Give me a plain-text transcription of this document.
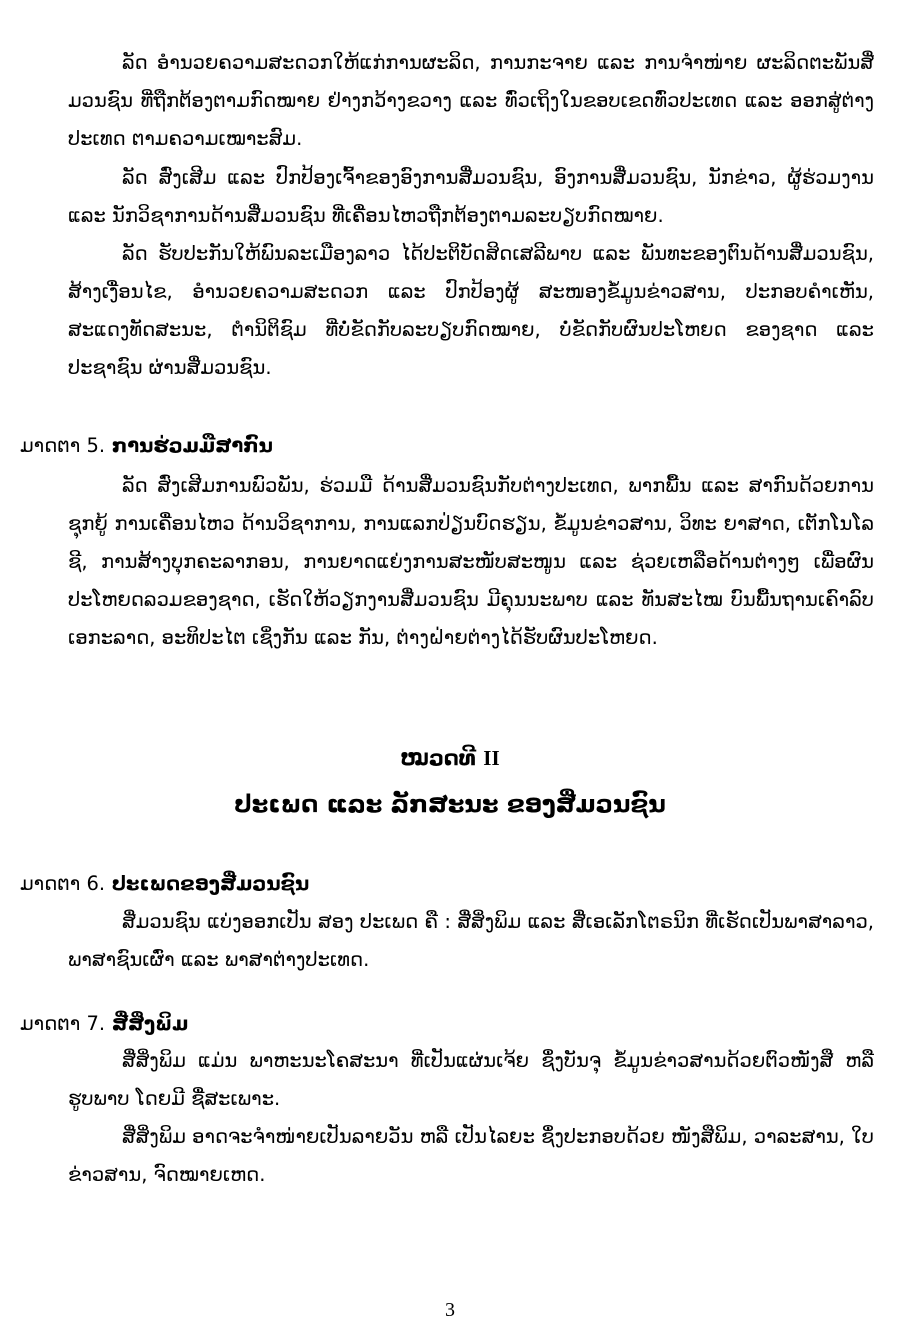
ລັດ ອຳນວຍຄວາມສະດວກໃຫ້ແກ່ການຜະລິດ, ການກະຈາຍ ແລະ ການຈຳໜ່າຍ ຜະລິດຕະພັນສື່ມວນຊົນ ທີ່ຖືກຕ້ອງຕາມກົດໝາຍ ຢ່າງກວ້າງຂວາງ ແລະ ທົ່ວເຖິງໃນຂອບເຂດທົ່ວປະເທດ ແລະ ອອກສູ່ຕ່າງປະເທດ ຕາມຄວາມເໝາະສົມ.

ລັດ ສົ່ງເສີມ ແລະ ປົກປ້ອງເຈົ້າຂອງອົງການສື່ມວນຊົນ, ອົງການສື່ມວນຊົນ, ນັກຂ່າວ, ຜູ້ຮ່ວມງານ ແລະ ນັກວິຊາການດ້ານສື່ມວນຊົນ ທີ່ເຄື່ອນໄຫວຖືກຕ້ອງຕາມລະບຽບກົດໝາຍ.

ລັດ ຮັບປະກັນໃຫ້ພົນລະເມືອງລາວ ໄດ້ປະຕິບັດສິດເສລີພາບ ແລະ ພັນທະຂອງຕົນດ້ານສື່ມວນຊົນ, ສ້າງເງື່ອນໄຂ, ອຳນວຍຄວາມສະດວກ ແລະ ປົກປ້ອງຜູ້ ສະໜອງຂໍ້ມູນຂ່າວສານ, ປະກອບຄຳເຫັນ, ສະແດງທັດສະນະ, ຕຳນິຕິຊົມ ທີ່ບໍ່ຂັດກັບລະບຽບກົດໝາຍ, ບໍ່ຂັດກັບຜົນປະໂຫຍດ ຂອງຊາດ ແລະ ປະຊາຊົນ ຜ່ານສື່ມວນຊົນ.

ມາດຕາ 5. ການຮ່ວມມືສາກົນ

ລັດ ສົ່ງເສີມການພົວພັນ, ຮ່ວມມື ດ້ານສື່ມວນຊົນກັບຕ່າງປະເທດ, ພາກພື້ນ ແລະ ສາກົນດ້ວຍການຊຸກຍູ້ ການເຄື່ອນໄຫວ ດ້ານວິຊາການ, ການແລກປ່ຽນບົດຮຽນ, ຂໍ້ມູນຂ່າວສານ, ວິທະ ຍາສາດ, ເຕັກໂນໂລຊີ, ການສ້າງບຸກຄະລາກອນ, ການຍາດແຍ່ງການສະໜັບສະໜູນ ແລະ ຊ່ວຍເຫລືອດ້ານຕ່າງໆ ເພື່ອຜົນປະໂຫຍດລວມຂອງຊາດ, ເຮັດໃຫ້ວຽກງານສື່ມວນຊົນ ມີຄຸນນະພາບ ແລະ ທັນສະໄໝ ບົນພື້ນຖານເຄົາລົບເອກະລາດ, ອະທິປະໄຕ ເຊິ່ງກັນ ແລະ ກັນ, ຕ່າງຝ່າຍຕ່າງໄດ້ຮັບຜົນປະໂຫຍດ.

ໝວດທີ II
ປະເພດ ແລະ ລັກສະນະ ຂອງສື່ມວນຊົນ
ມາດຕາ 6. ປະເພດຂອງສື່ມວນຊົນ

ສື່ມວນຊົນ ແບ່ງອອກເປັນ ສອງ ປະເພດ ຄື : ສື່ສິ່ງພິມ ແລະ ສື່ເອເລັກໂຕຣນິກ ທີ່ເຮັດເປັນພາສາລາວ, ພາສາຊົນເຜົ່າ ແລະ ພາສາຕ່າງປະເທດ.

ມາດຕາ 7. ສື່ສິ່ງພິມ

ສື່ສິ່ງພິມ ແມ່ນ ພາຫະນະໂຄສະນາ ທີ່ເປັນແຜ່ນເຈ້ຍ ຊຶ່ງບັນຈຸ ຂໍ້ມູນຂ່າວສານດ້ວຍຕົວໜັງສື ຫລື ຮູບພາບ ໂດຍມີ ຊື່ສະເພາະ.

ສື່ສິ່ງພິມ ອາດຈະຈຳໜ່າຍເປັນລາຍວັນ ຫລື ເປັນໄລຍະ ຊຶ່ງປະກອບດ້ວຍ ໜັງສືພິມ, ວາລະສານ, ໃບຂ່າວສານ, ຈົດໝາຍເຫດ.

3
